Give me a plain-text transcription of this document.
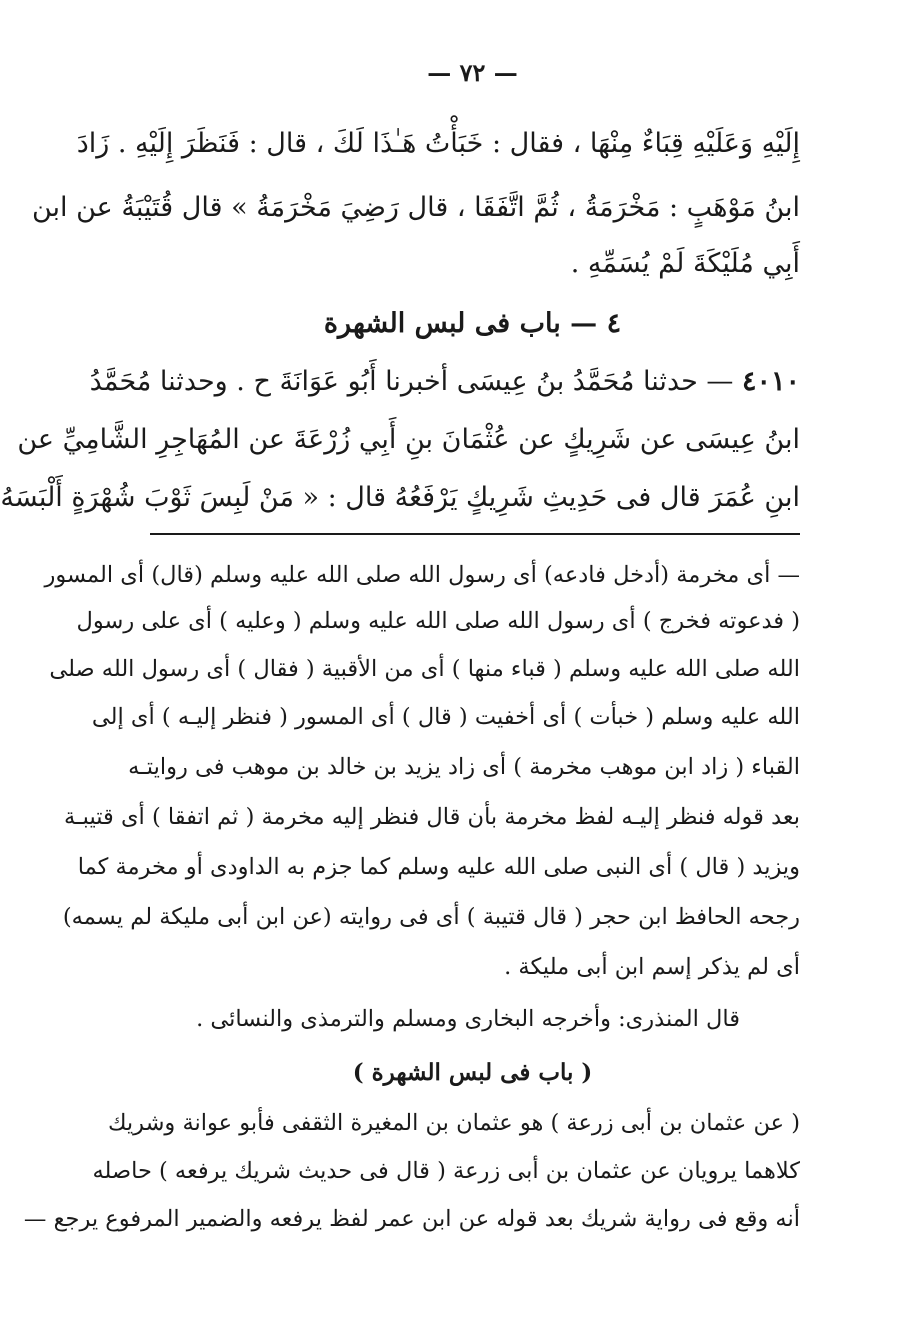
— ٧٢ —
إِلَيْهِ وَعَلَيْهِ قِبَاءٌ مِنْهَا ، فقال : خَبَأْتُ هَـٰذَا لَكَ ، قال : فَنَظَرَ إِلَيْهِ . زَادَ
ابنُ مَوْهَبٍ : مَخْرَمَةُ ، ثُمَّ اتَّفَقَا ، قال رَضِيَ مَخْرَمَةُ » قال قُتَيْبَةُ عن ابن
أَبِي مُلَيْكَةَ لَمْ يُسَمِّهِ .
٤ — باب فى لبس الشهرة
٤٠١٠ — حدثنا مُحَمَّدُ بنُ عِيسَى أخبرنا أَبُو عَوَانَةَ ح . وحدثنا مُحَمَّدُ
ابنُ عِيسَى عن شَرِيكٍ عن عُثْمَانَ بنِ أَبِي زُرْعَةَ عن المُهَاجِرِ الشَّامِيِّ عن
ابنِ عُمَرَ قال فى حَدِيثِ شَرِيكٍ يَرْفَعُهُ قال : « مَنْ لَبِسَ ثَوْبَ شُهْرَةٍ أَلْبَسَهُ
— أى مخرمة (أدخل فادعه) أى رسول الله صلى الله عليه وسلم (قال) أى المسور
( فدعوته فخرج ) أى رسول الله صلى الله عليه وسلم ( وعليه ) أى على رسول
الله صلى الله عليه وسلم ( قباء منها ) أى من الأقبية ( فقال ) أى رسول الله صلى
الله عليه وسلم ( خبأت ) أى أخفيت ( قال ) أى المسور ( فنظر إليـه ) أى إلى
القباء ( زاد ابن موهب مخرمة ) أى زاد يزيد بن خالد بن موهب فى روايتـه
بعد قوله فنظر إليـه لفظ مخرمة بأن قال فنظر إليه مخرمة ( ثم اتفقا ) أى قتيبـة
ويزيد ( قال ) أى النبى صلى الله عليه وسلم كما جزم به الداودى أو مخرمة كما
رجحه الحافظ ابن حجر ( قال قتيبة ) أى فى روايته (عن ابن أبى مليكة لم يسمه)
أى لم يذكر إسم ابن أبى مليكة .
قال المنذرى: وأخرجه البخارى ومسلم والترمذى والنسائى .
( باب فى لبس الشهرة )
( عن عثمان بن أبى زرعة ) هو عثمان بن المغيرة الثقفى فأبو عوانة وشريك
كلاهما يرويان عن عثمان بن أبى زرعة ( قال فى حديث شريك يرفعه ) حاصله
أنه وقع فى رواية شريك بعد قوله عن ابن عمر لفظ يرفعه والضمير المرفوع يرجع —
